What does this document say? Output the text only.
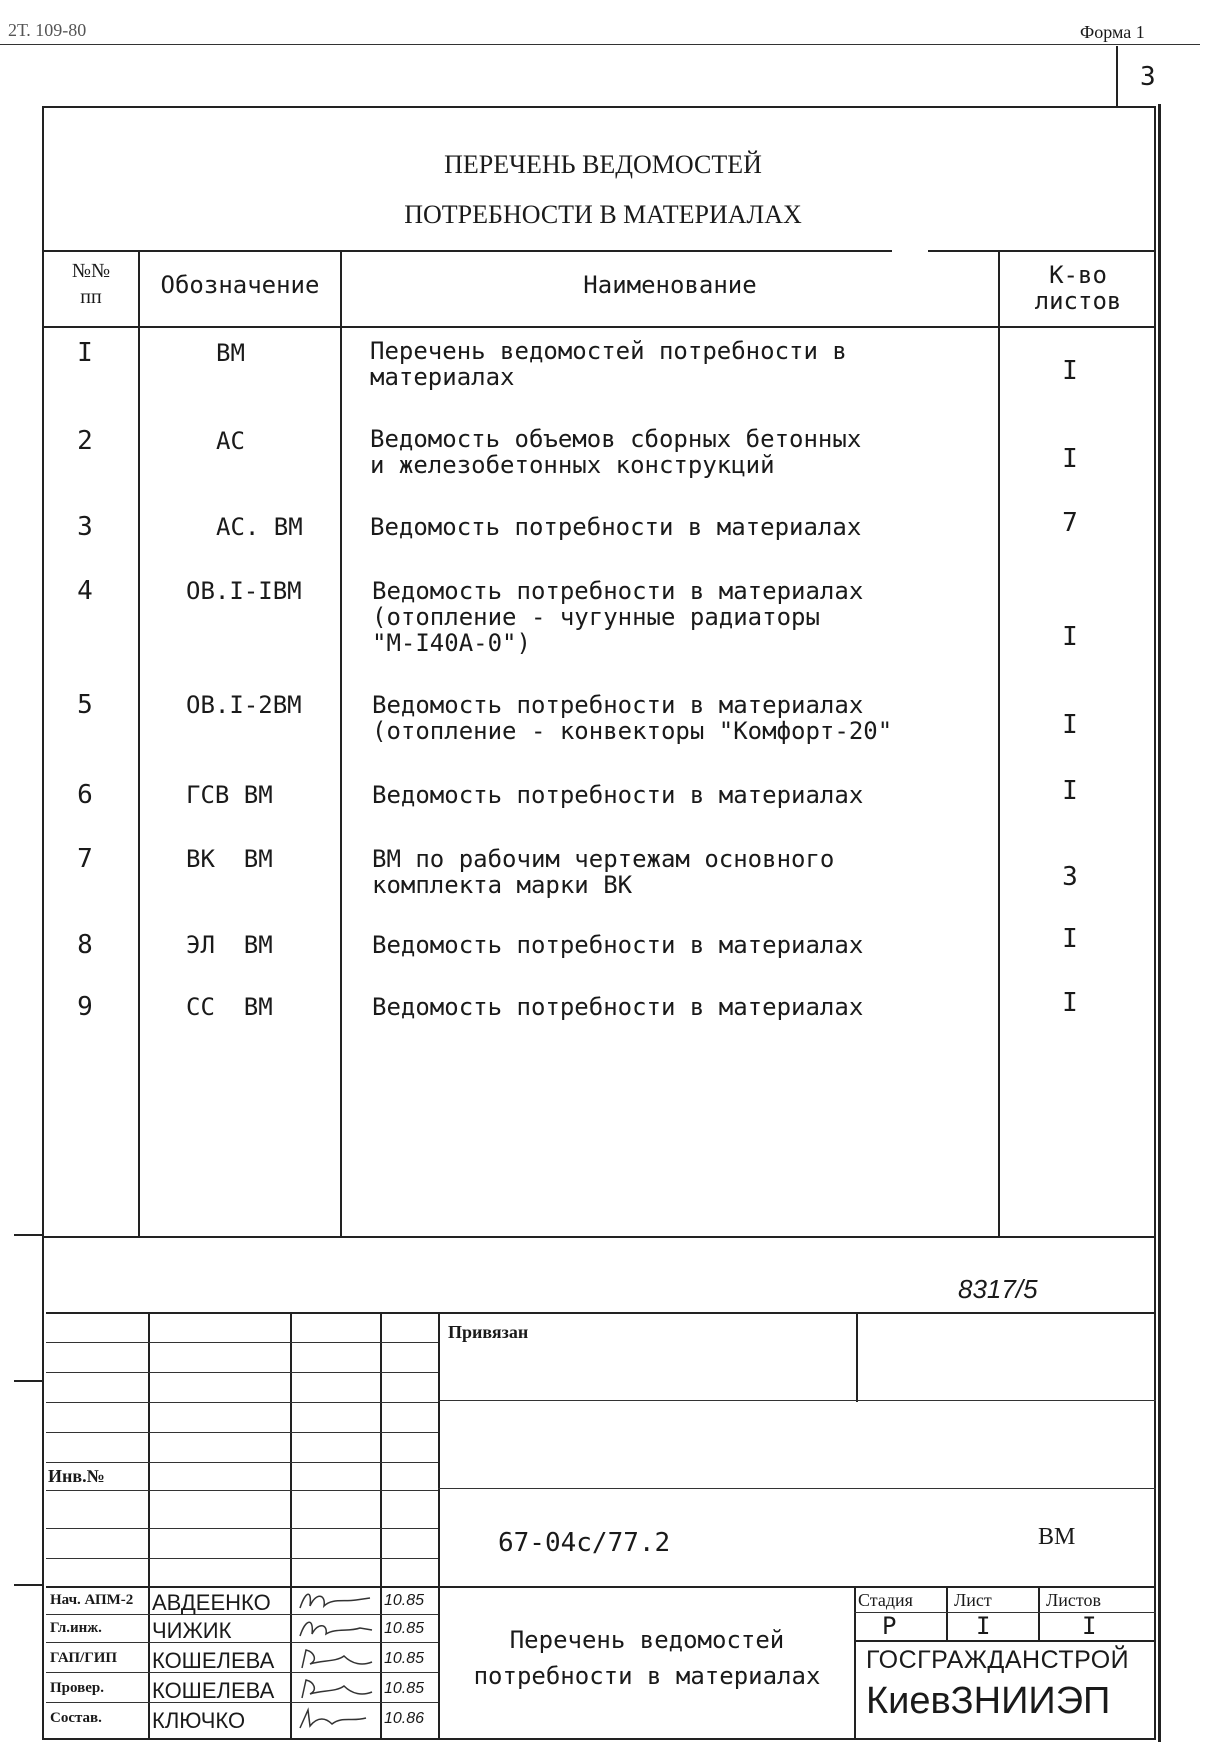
2Т. 109-80	Форма 1
3
ПЕРЕЧЕНЬ ВЕДОМОСТЕЙ
ПОТРЕБНОСТИ В МАТЕРИАЛАХ
№№
пп	Обозначение	Наименование	К-во
листов
I	ВМ	Перечень ведомостей потребности в
материалах	I
2	АС	Ведомость объемов сборных бетонных
и железобетонных конструкций	I
3	АС. ВМ	Ведомость потребности в материалах	7
4	ОВ.I-IВМ	Ведомость потребности в материалах
(отопление - чугунные радиаторы
"М-I40А-0")	I
5	ОВ.I-2ВМ	Ведомость потребности в материалах
(отопление - конвекторы "Комфорт-20"	I
6	ГСВ ВМ	Ведомость потребности в материалах	I
7	ВК  ВМ	ВМ по рабочим чертежам основного
комплекта марки ВК	3
8	ЭЛ  ВМ	Ведомость потребности в материалах	I
9	СС  ВМ	Ведомость потребности в материалах	I
8317/5
Привязан
Инв.№
67-04с/77.2	ВМ
Стадия Лист	Листов
Р	I	I
ГОСГРАЖДАНСТРОЙ
КиевЗНИИЭП
Перечень ведомостей
потребности в материалах
Нач. АПМ-2 АВДЕЕНКО	10.85
Гл.инж. ЧИЖИК	10.85
ГАП/ГИП КОШЕЛЕВА	10.85
Провер. КОШЕЛЕВА	10.85
Состав. КЛЮЧКО	10.86
